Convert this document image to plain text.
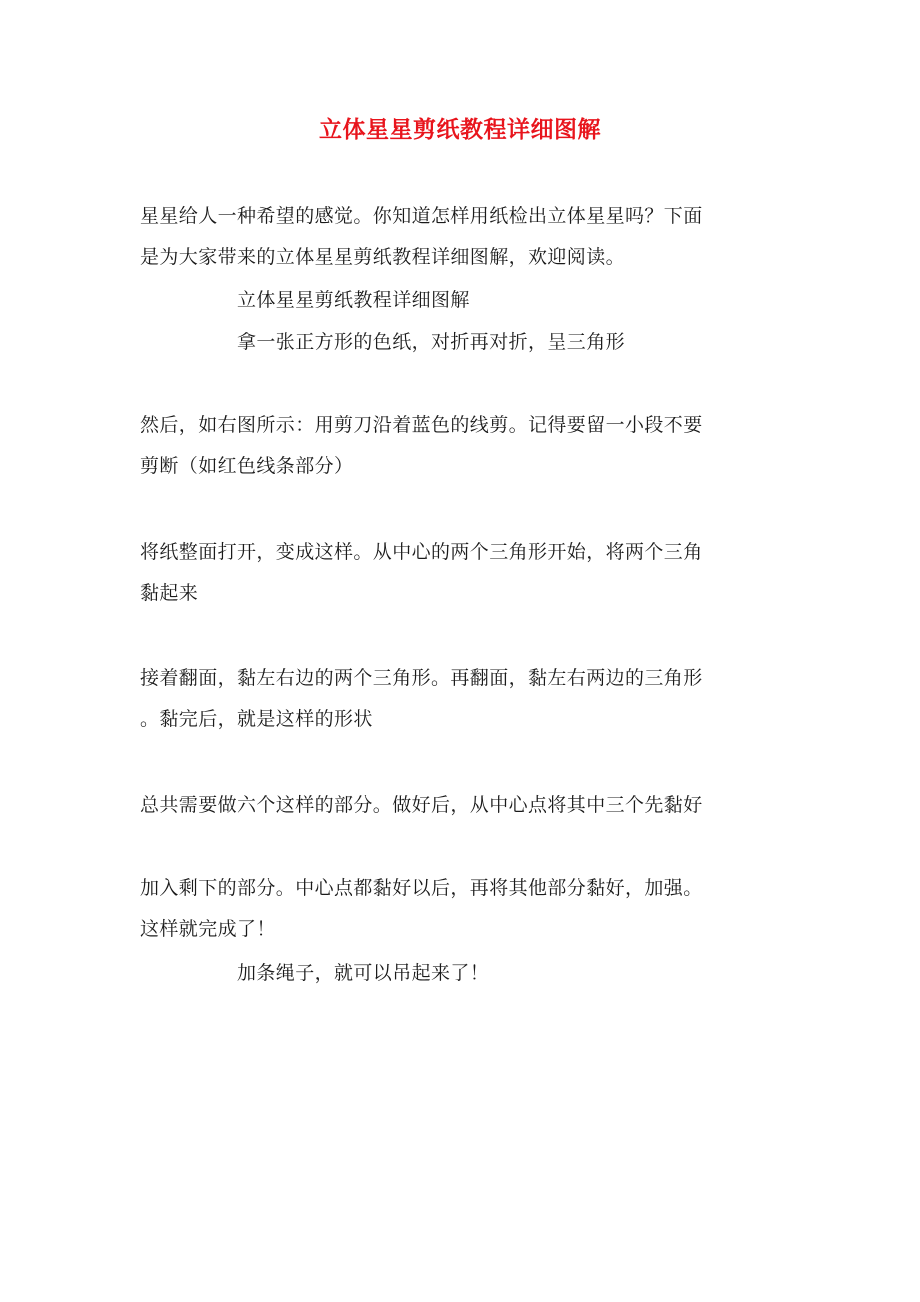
立体星星剪纸教程详细图解

星星给人一种希望的感觉。你知道怎样用纸检出立体星星吗？下面
是为大家带来的立体星星剪纸教程详细图解，欢迎阅读。

立体星星剪纸教程详细图解

拿一张正方形的色纸，对折再对折，呈三角形

然后，如右图所示：用剪刀沿着蓝色的线剪。记得要留一小段不要
剪断（如红色线条部分）

将纸整面打开，变成这样。从中心的两个三角形开始，将两个三角
黏起来

接着翻面，黏左右边的两个三角形。再翻面，黏左右两边的三角形
。黏完后，就是这样的形状

总共需要做六个这样的部分。做好后，从中心点将其中三个先黏好

加入剩下的部分。中心点都黏好以后，再将其他部分黏好，加强。
这样就完成了！

加条绳子，就可以吊起来了！
